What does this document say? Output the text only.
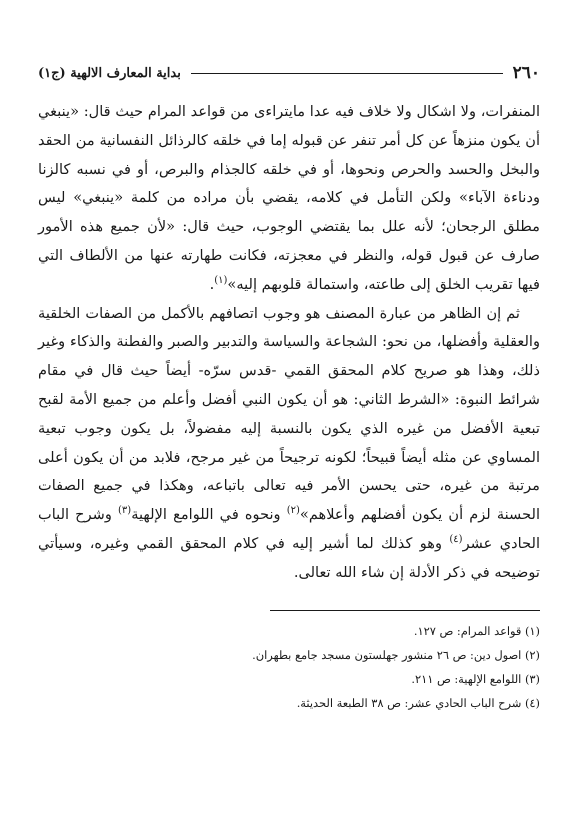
٢٦٠
بداية المعارف الالهية (ج١)

المنفرات، ولا اشكال ولا خلاف فيه عدا مايتراءى من قواعد المرام حيث قال: «ينبغي أن يكون منزهاً عن كل أمر تنفر عن قبوله إما في خلقه كالرذائل النفسانية من الحقد والبخل والحسد والحرص ونحوها، أو في خلقه كالجذام والبرص، أو في نسبه كالزنا ودناءة الآباء» ولكن التأمل في كلامه، يقضي بأن مراده من كلمة «ينبغي» ليس مطلق الرجحان؛ لأنه علل بما يقتضي الوجوب، حيث قال: «لأن جميع هذه الأمور صارف عن قبول قوله، والنظر في معجزته، فكانت طهارته عنها من الألطاف التي فيها تقريب الخلق إلى طاعته، واستمالة قلوبهم إليه»$^{(١)}$.

ثم إن الظاهر من عبارة المصنف هو وجوب اتصافهم بالأكمل من الصفات الخلقية والعقلية وأفضلها، من نحو: الشجاعة والسياسة والتدبير والصبر والفطنة والذكاء وغير ذلك، وهذا هو صريح كلام المحقق القمي -قدس سرّه- أيضاً حيث قال في مقام شرائط النبوة: «الشرط الثاني: هو أن يكون النبي أفضل وأعلم من جميع الأمة لقبح تبعية الأفضل من غيره الذي يكون بالنسبة إليه مفضولاً، بل يكون وجوب تبعية المساوي عن مثله أيضاً قبيحاً؛ لكونه ترجيحاً من غير مرجح، فلابد من أن يكون أعلى مرتبة من غيره، حتى يحسن الأمر فيه تعالى باتباعه، وهكذا في جميع الصفات الحسنة لزم أن يكون أفضلهم وأعلاهم»$^{(٢)}$ ونحوه في اللوامع الإلهية$^{(٣)}$ وشرح الباب الحادي عشر$^{(٤)}$ وهو كذلك لما أشير إليه في كلام المحقق القمي وغيره، وسيأتي توضيحه في ذكر الأدلة إن شاء الله تعالى.

(١) قواعد المرام: ص ١٢٧.

(٢) اصول دين: ص ٢٦ منشور جهلستون مسجد جامع بطهران.

(٣) اللوامع الإلهية: ص ٢١١.

(٤) شرح الباب الحادي عشر: ص ٣٨ الطبعة الحديثة.
